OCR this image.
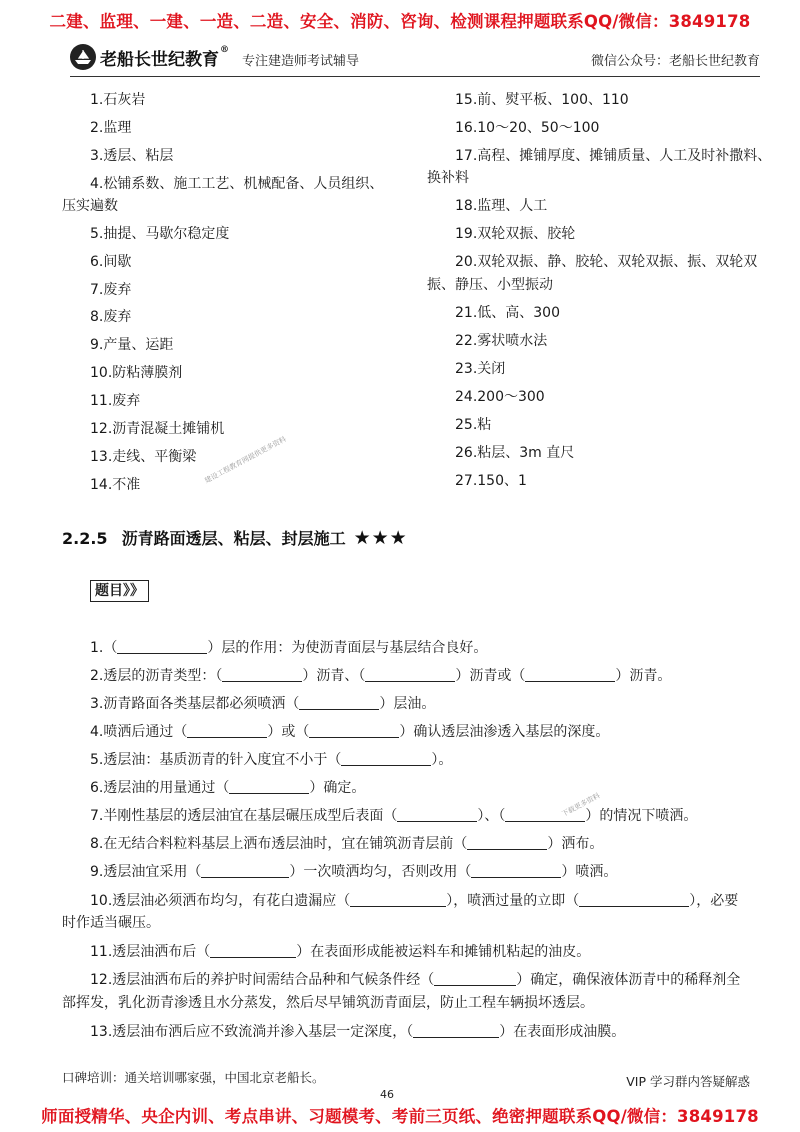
二建、监理、一建、一造、二造、安全、消防、咨询、检测课程押题联系QQ/微信：3849178
老船长世纪教育®
专注建造师考试辅导	微信公众号：老船长世纪教育
1.石灰岩
2.监理
3.透层、粘层
4.松铺系数、施工工艺、机械配备、人员组织、
压实遍数
5.抽提、马歇尔稳定度
6.间歇
7.废弃
8.废弃
9.产量、运距
10.防粘薄膜剂
11.废弃
12.沥青混凝土摊铺机
13.走线、平衡梁
14.不准
15.前、熨平板、100、110
16.10～20、50～100
17.高程、摊铺厚度、摊铺质量、人工及时补撒料、
换补料
18.监理、人工
19.双轮双振、胶轮
20.双轮双振、静、胶轮、双轮双振、振、双轮双
振、静压、小型振动
21.低、高、300
22.雾状喷水法
23.关闭
24.200～300
25.粘
26.粘层、3m 直尺
27.150、1
建设工程教育网提供更多资料
下载更多资料
2.2.5 沥青路面透层、粘层、封层施工 ★★★
题目》》
1.（	）层的作用：为使沥青面层与基层结合良好。
2.透层的沥青类型：（	）沥青、（	）沥青或（	）沥青。
3.沥青路面各类基层都必须喷洒（	）层油。
4.喷洒后通过（	）或（	）确认透层油渗透入基层的深度。
5.透层油：基质沥青的针入度宜不小于（	）。
6.透层油的用量通过（	）确定。
7.半刚性基层的透层油宜在基层碾压成型后表面（	）、（	）的情况下喷洒。
8.在无结合料粒料基层上洒布透层油时，宜在铺筑沥青层前（	）洒布。
9.透层油宜采用（	）一次喷洒均匀，否则改用（	）喷洒。
10.透层油必须洒布均匀，有花白遗漏应（	），喷洒过量的立即（	），必要
时作适当碾压。
11.透层油洒布后（	）在表面形成能被运料车和摊铺机粘起的油皮。
12.透层油洒布后的养护时间需结合品种和气候条件经（	）确定，确保液体沥青中的稀释剂全
部挥发，乳化沥青渗透且水分蒸发，然后尽早铺筑沥青面层，防止工程车辆损坏透层。
13.透层油布洒后应不致流淌并渗入基层一定深度，（	）在表面形成油膜。
口碑培训：通关培训哪家强，中国北京老船长。	VIP 学习群内答疑解惑
46
师面授精华、央企内训、考点串讲、习题模考、考前三页纸、绝密押题联系QQ/微信：3849178
